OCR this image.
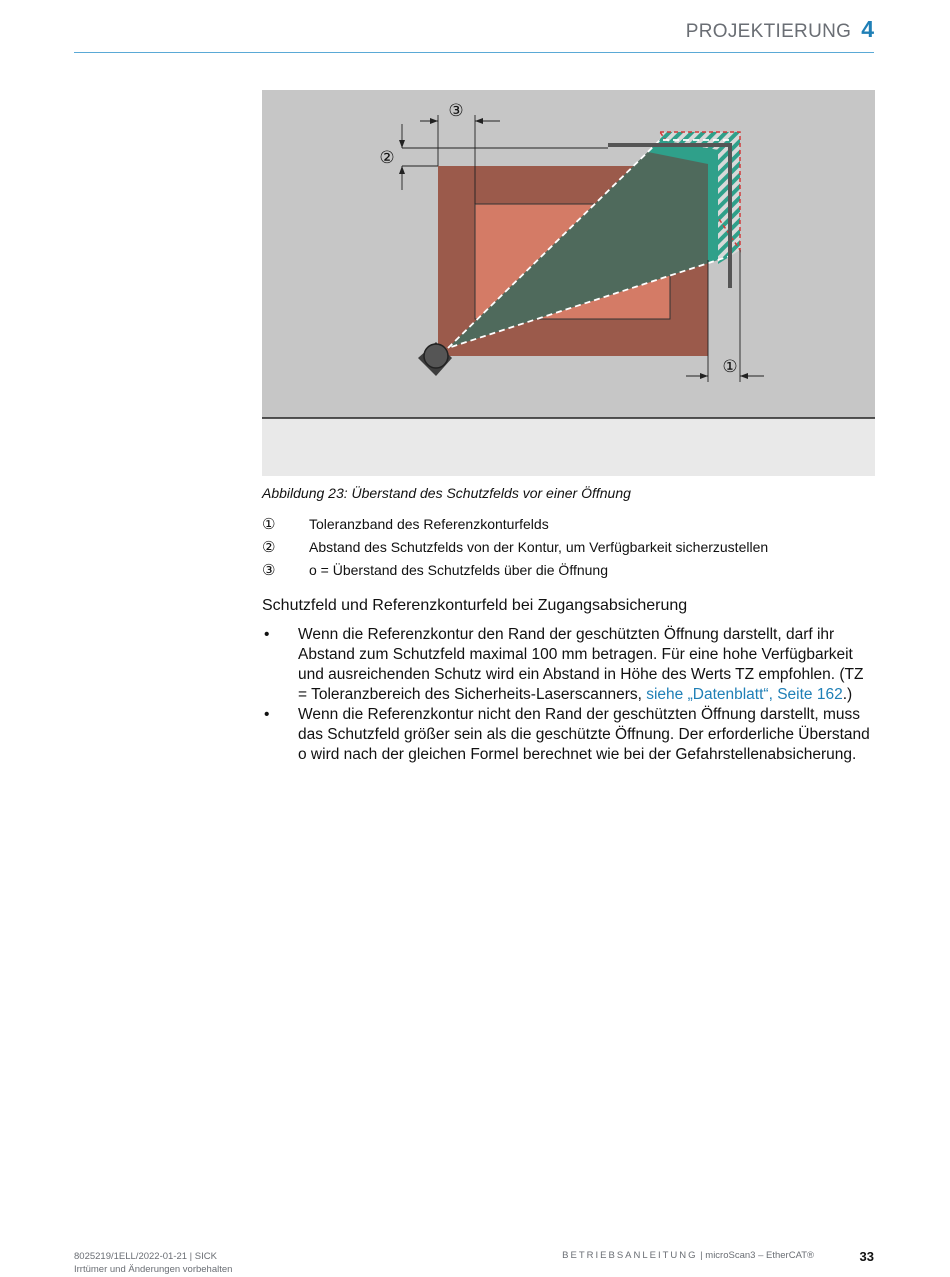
PROJEKTIERUNG 4
③
②
①
Abbildung 23: Überstand des Schutzfelds vor einer Öffnung
①	Toleranzband des Referenzkonturfelds
②	Abstand des Schutzfelds von der Kontur, um Verfügbarkeit sicherzustellen
③	o = Überstand des Schutzfelds über die Öffnung
Schutzfeld und Referenzkonturfeld bei Zugangsabsicherung
•	Wenn die Referenzkontur den Rand der geschützten Öffnung darstellt, darf ihr Abstand zum Schutzfeld maximal 100 mm betragen. Für eine hohe Verfügbarkeit und ausreichenden Schutz wird ein Abstand in Höhe des Werts TZ empfohlen. (TZ = Toleranzbereich des Sicherheits-Laserscanners, siehe „Datenblatt“, Seite 162.)
•	Wenn die Referenzkontur nicht den Rand der geschützten Öffnung darstellt, muss das Schutzfeld größer sein als die geschützte Öffnung. Der erforderliche Überstand o wird nach der gleichen Formel berechnet wie bei der Gefahrstellenabsicherung.
8025219/1ELL/2022-01-21 | SICK
Irrtümer und Änderungen vorbehalten
BETRIEBSANLEITUNG | microScan3 – EtherCAT®	33
